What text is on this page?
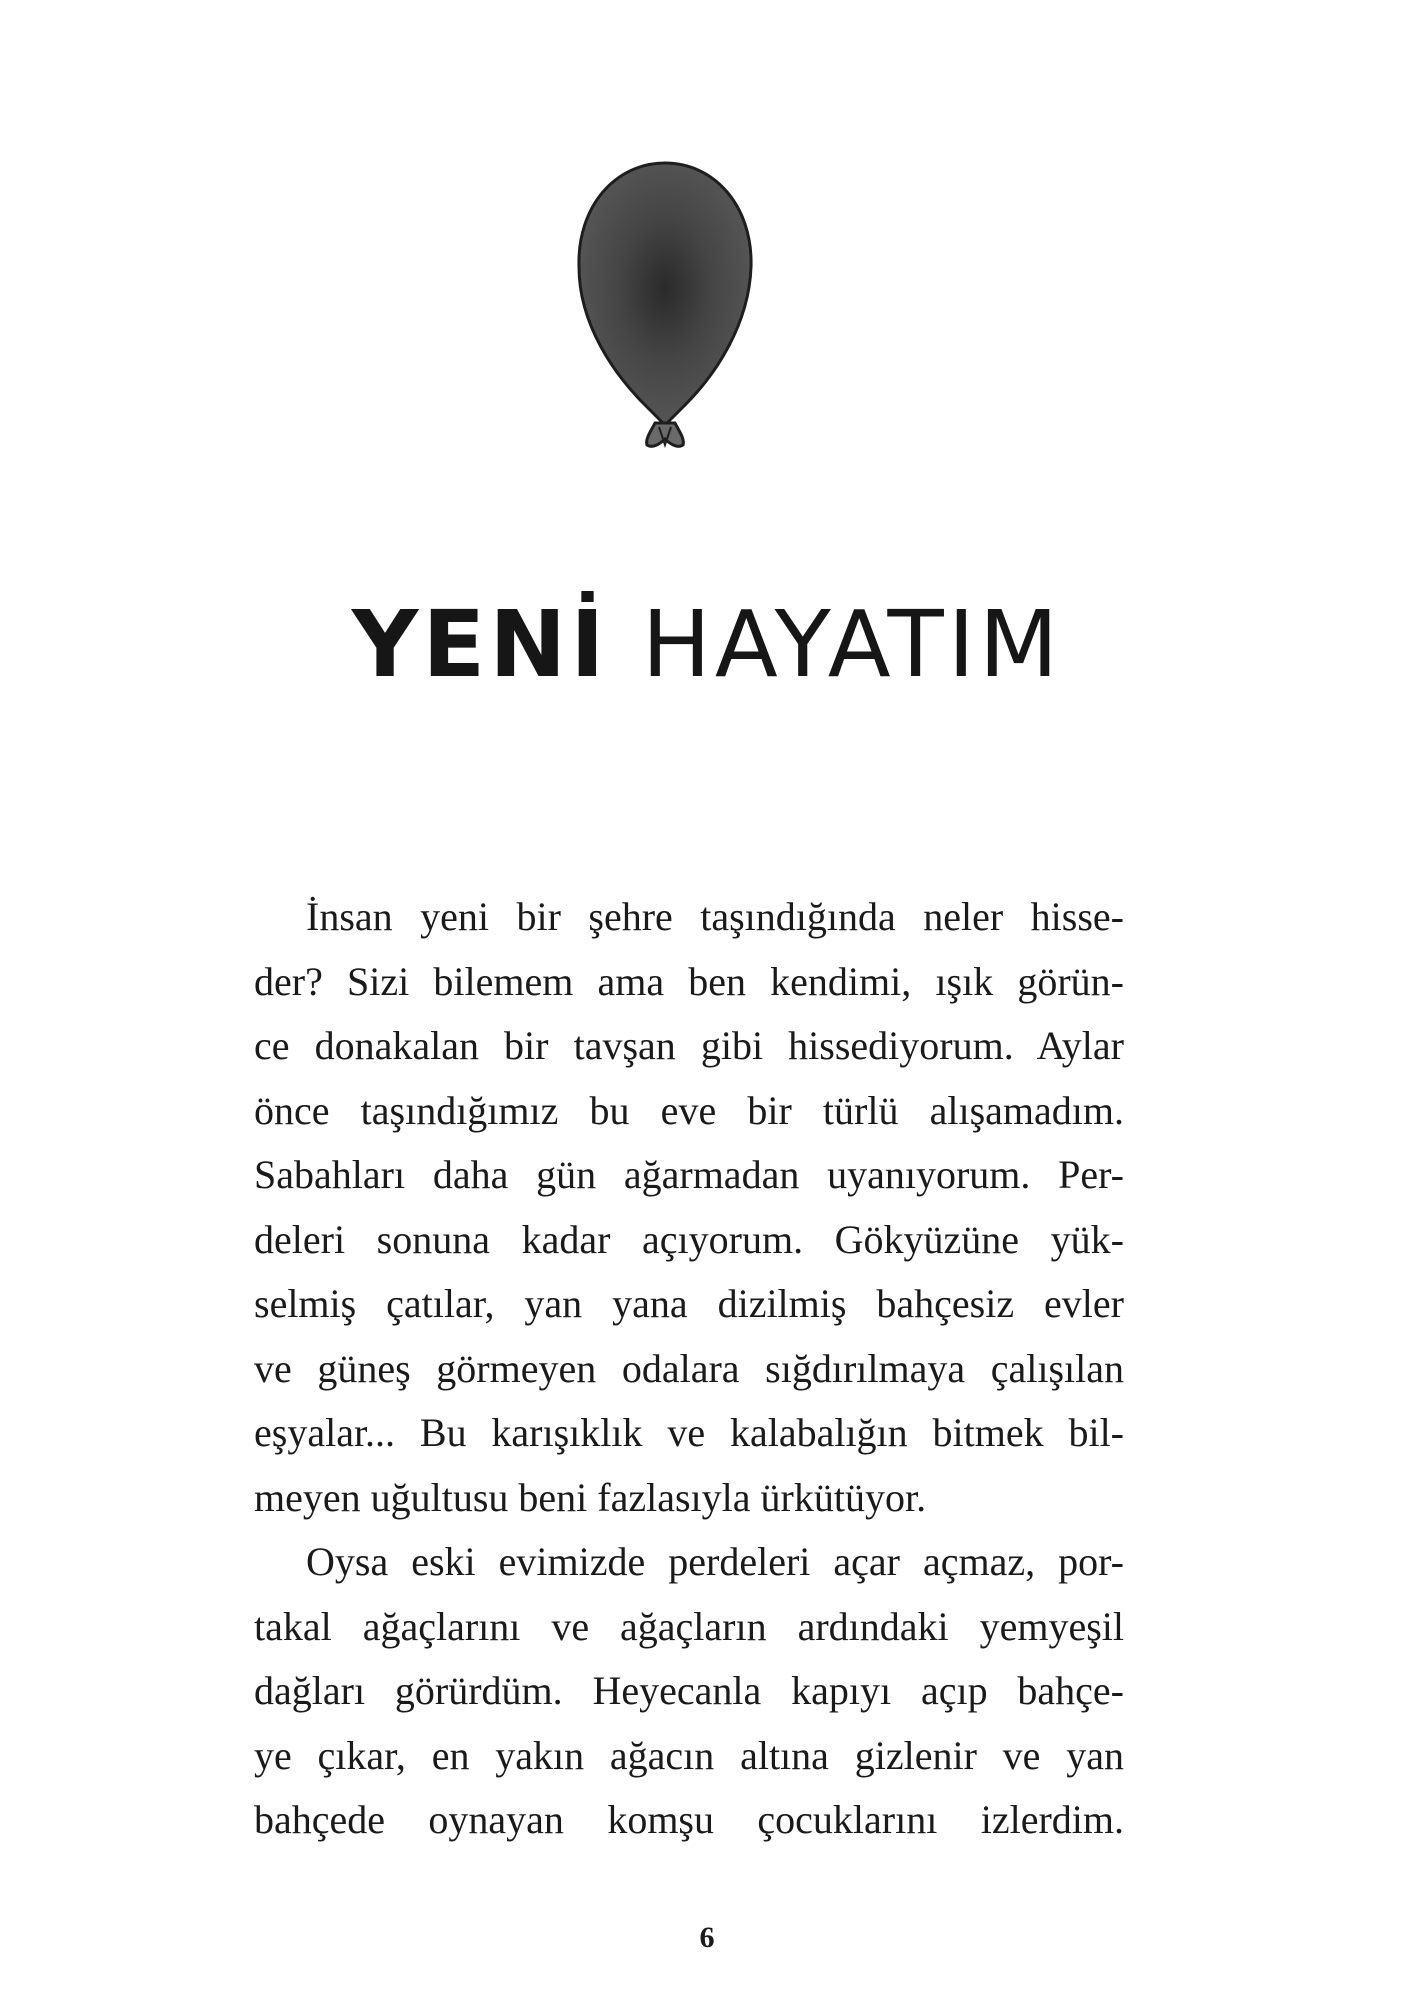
YENİ HAYATIM
İnsan yeni bir şehre taşındığında neler hisse-
der? Sizi bilemem ama ben kendimi, ışık görün-
ce donakalan bir tavşan gibi hissediyorum. Aylar
önce taşındığımız bu eve bir türlü alışamadım.
Sabahları daha gün ağarmadan uyanıyorum. Per-
deleri sonuna kadar açıyorum. Gökyüzüne yük-
selmiş çatılar, yan yana dizilmiş bahçesiz evler
ve güneş görmeyen odalara sığdırılmaya çalışılan
eşyalar... Bu karışıklık ve kalabalığın bitmek bil-
meyen uğultusu beni fazlasıyla ürkütüyor.
Oysa eski evimizde perdeleri açar açmaz, por-
takal ağaçlarını ve ağaçların ardındaki yemyeşil
dağları görürdüm. Heyecanla kapıyı açıp bahçe-
ye çıkar, en yakın ağacın altına gizlenir ve yan
bahçede oynayan komşu çocuklarını izlerdim.
6
